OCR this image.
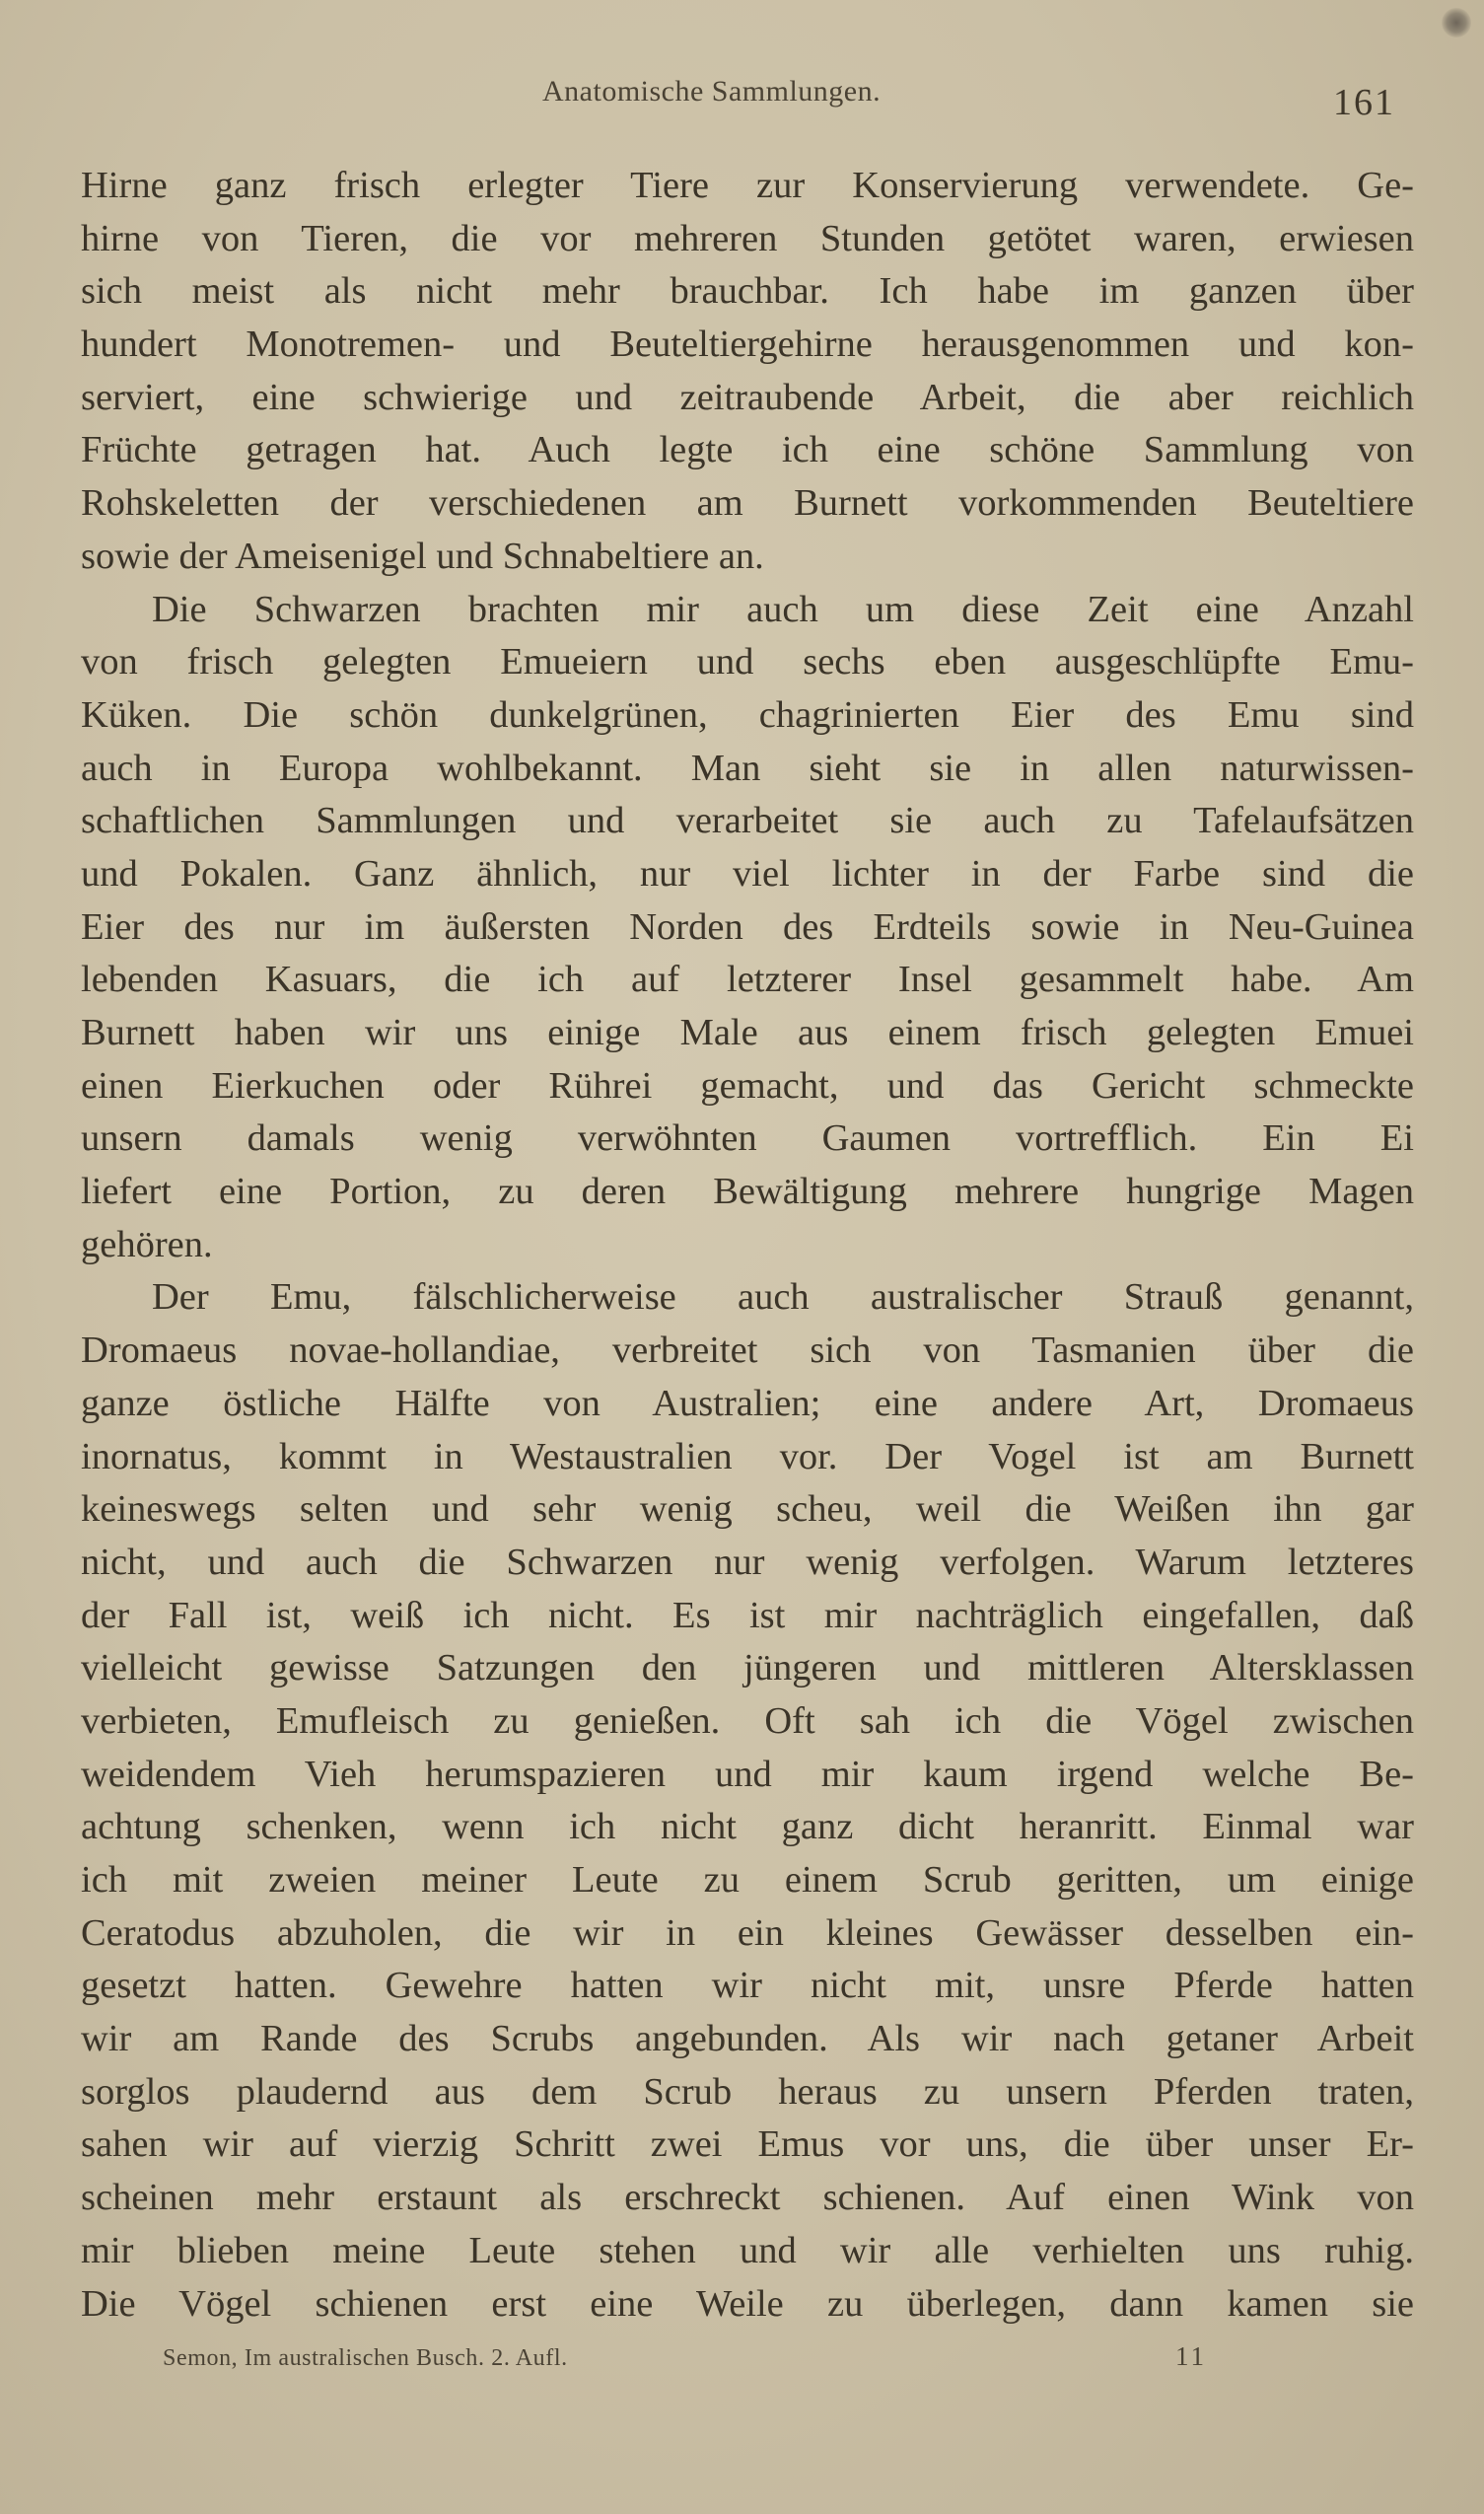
Anatomische Sammlungen.	161
Hirne ganz frisch erlegter Tiere zur Konservierung verwendete. Ge-
hirne von Tieren, die vor mehreren Stunden getötet waren, erwiesen
sich meist als nicht mehr brauchbar. Ich habe im ganzen über
hundert Monotremen- und Beuteltiergehirne herausgenommen und kon-
serviert, eine schwierige und zeitraubende Arbeit, die aber reichlich
Früchte getragen hat. Auch legte ich eine schöne Sammlung von
Rohskeletten der verschiedenen am Burnett vorkommenden Beuteltiere
sowie der Ameisenigel und Schnabeltiere an.
Die Schwarzen brachten mir auch um diese Zeit eine Anzahl
von frisch gelegten Emueiern und sechs eben ausgeschlüpfte Emu-
Küken. Die schön dunkelgrünen, chagrinierten Eier des Emu sind
auch in Europa wohlbekannt. Man sieht sie in allen naturwissen-
schaftlichen Sammlungen und verarbeitet sie auch zu Tafelaufsätzen
und Pokalen. Ganz ähnlich, nur viel lichter in der Farbe sind die
Eier des nur im äußersten Norden des Erdteils sowie in Neu-Guinea
lebenden Kasuars, die ich auf letzterer Insel gesammelt habe. Am
Burnett haben wir uns einige Male aus einem frisch gelegten Emuei
einen Eierkuchen oder Rührei gemacht, und das Gericht schmeckte
unsern damals wenig verwöhnten Gaumen vortrefflich. Ein Ei
liefert eine Portion, zu deren Bewältigung mehrere hungrige Magen
gehören.
Der Emu, fälschlicherweise auch australischer Strauß genannt,
Dromaeus novae-hollandiae, verbreitet sich von Tasmanien über die
ganze östliche Hälfte von Australien; eine andere Art, Dromaeus
inornatus, kommt in Westaustralien vor. Der Vogel ist am Burnett
keineswegs selten und sehr wenig scheu, weil die Weißen ihn gar
nicht, und auch die Schwarzen nur wenig verfolgen. Warum letzteres
der Fall ist, weiß ich nicht. Es ist mir nachträglich eingefallen, daß
vielleicht gewisse Satzungen den jüngeren und mittleren Altersklassen
verbieten, Emufleisch zu genießen. Oft sah ich die Vögel zwischen
weidendem Vieh herumspazieren und mir kaum irgend welche Be-
achtung schenken, wenn ich nicht ganz dicht heranritt. Einmal war
ich mit zweien meiner Leute zu einem Scrub geritten, um einige
Ceratodus abzuholen, die wir in ein kleines Gewässer desselben ein-
gesetzt hatten. Gewehre hatten wir nicht mit, unsre Pferde hatten
wir am Rande des Scrubs angebunden. Als wir nach getaner Arbeit
sorglos plaudernd aus dem Scrub heraus zu unsern Pferden traten,
sahen wir auf vierzig Schritt zwei Emus vor uns, die über unser Er-
scheinen mehr erstaunt als erschreckt schienen. Auf einen Wink von
mir blieben meine Leute stehen und wir alle verhielten uns ruhig.
Die Vögel schienen erst eine Weile zu überlegen, dann kamen sie
Semon, Im australischen Busch. 2. Aufl.	11
